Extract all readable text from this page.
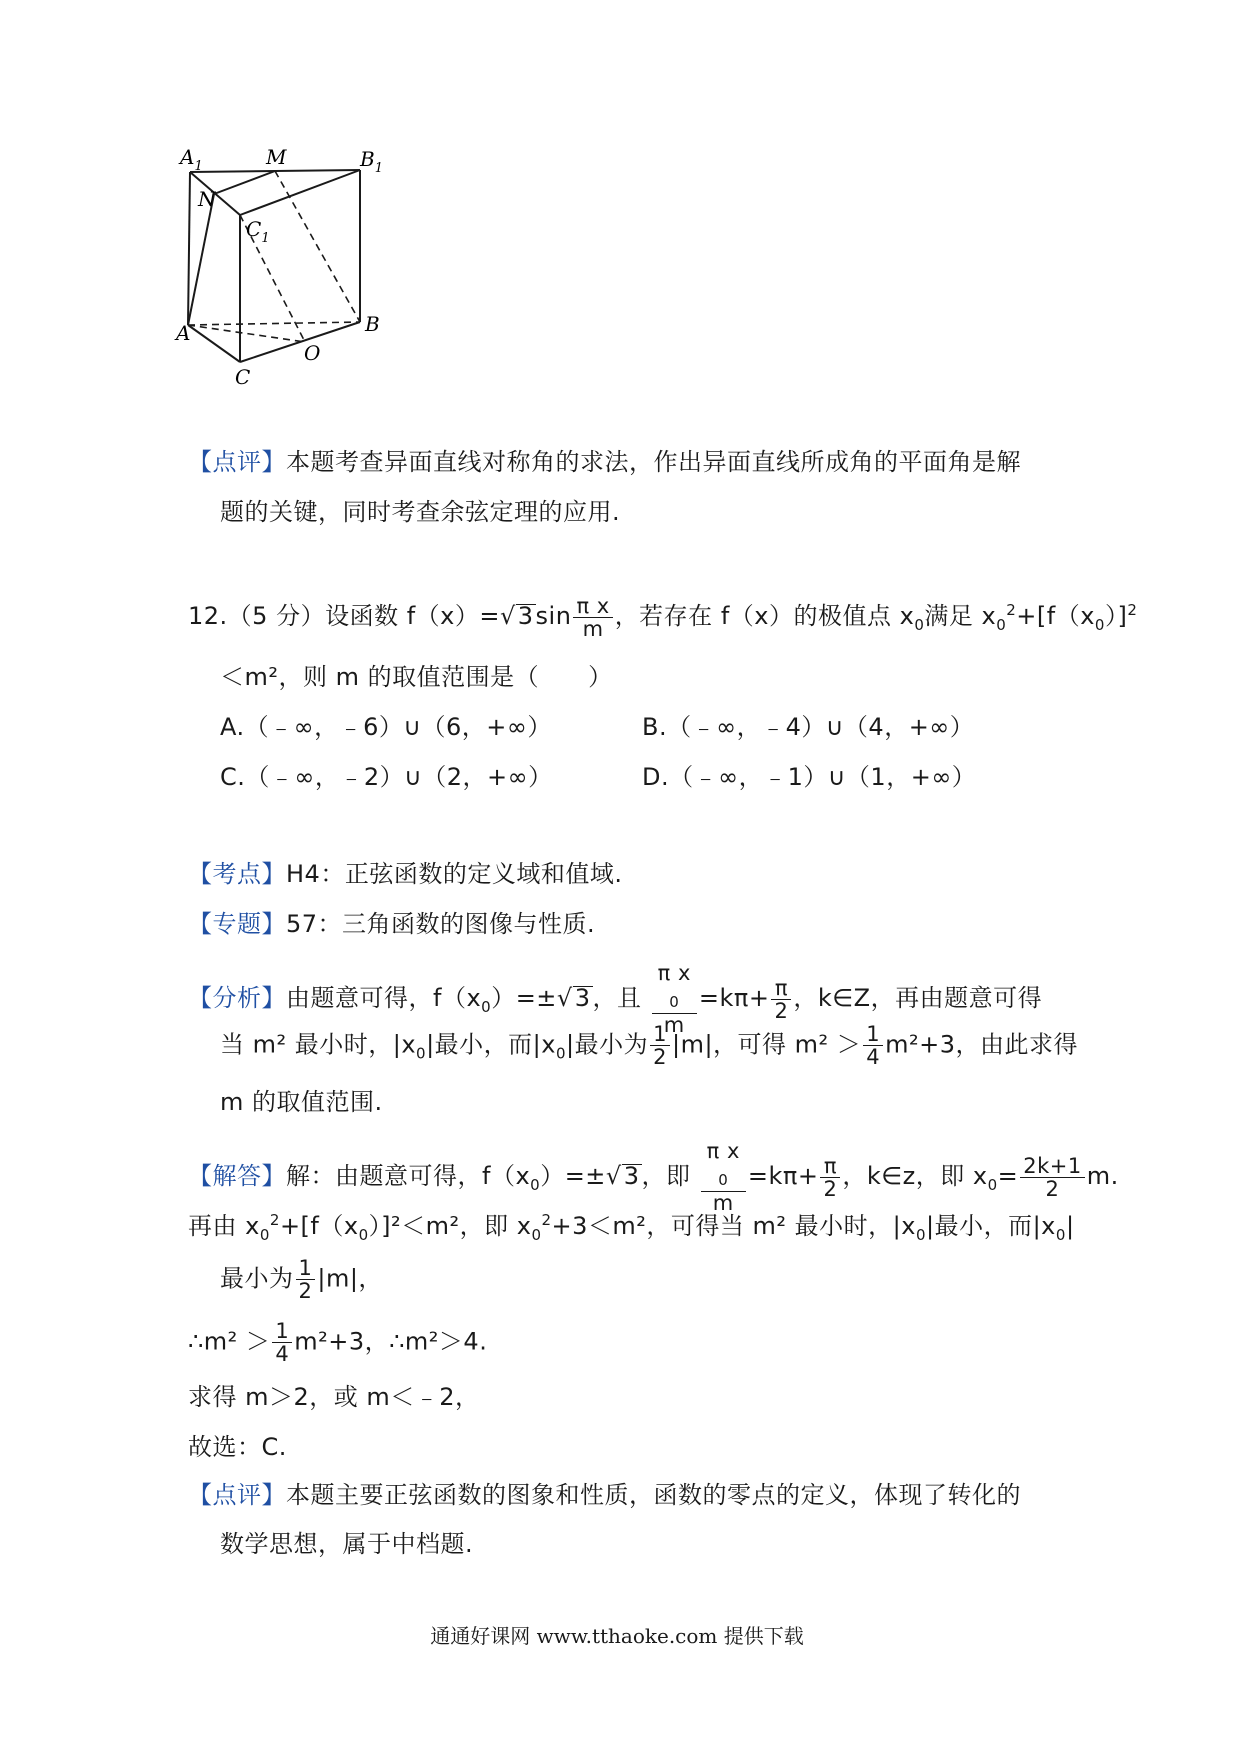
$A_1$	M	$B_1$
N
$C_1$
A	B
O
C
【点评】本题考查异面直线对称角的求法，作出异面直线所成角的平面角是解
题的关键，同时考查余弦定理的应用.
12.（5 分）设函数 $f(x)=√3\sin \frac{\text{π x}}{m}$ ，若存在 f（x）的极值点 $x_0$满足 $x_0^2+[f(x_0)]^2$
＜m²，则 m 的取值范围是（　　）
A.（﹣∞，﹣6）∪（6，+∞）	B.（﹣∞，﹣4）∪（4，+∞）
C.（﹣∞，﹣2）∪（2，+∞）	D.（﹣∞，﹣1）∪（1，+∞）
【考点】H4：正弦函数的定义域和值域.
【专题】57：三角函数的图像与性质.
【分析】由题意可得，$f(x_0)=\pm√3$，且 π x
$_0$
$m =k\pi+ \frac{\pi}{2}$ ，k∈Z，再由题意可得
当 m² 最小时，$|x_0|$最小，而$|x_0|$最小为 $\frac{1}{2} |m|$，可得 $m^2 > \frac{1}{4} m^2+3$，由此求得
m 的取值范围.
【解答】解：由题意可得，$f(x_0)=\pm√3$，即 π x
$_0$
$m =k\pi+ \frac{\pi}{2}$ ，k∈z，即 $x_0= \frac{2k+1}{2} m$.
再由 $x_0^2+[f(x_0)]^2<m^2$，即 $x_0^2+3<m^2$，可得当 m² 最小时，$|x_0|$最小，而$|x_0|$
最小为 $\frac{1}{2} |m|$，
∴m² ＞ $\frac{1}{4} m^2+3$，∴m²＞4.
求得 m＞2，或 m＜﹣2，
故选：C.
【点评】本题主要正弦函数的图象和性质，函数的零点的定义，体现了转化的
数学思想，属于中档题.
通通好课网 www.tthaoke.com 提供下载
